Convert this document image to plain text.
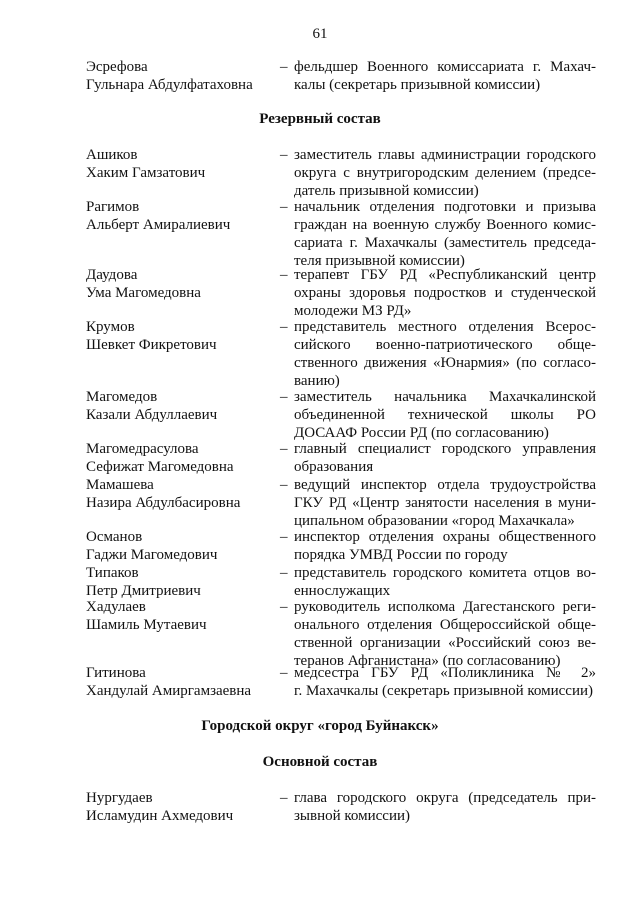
61
Резервный состав
Городской округ «город Буйнакск»
Основной состав
Эсрефова
Гульнара Абдулфатаховна
– фельдшер Военного комиссариата г. Махач-
калы (секретарь призывной комиссии)
Ашиков
Хаким Гамзатович
– заместитель главы администрации городского
округа с внутригородским делением (предсе-
датель призывной комиссии)
Рагимов
Альберт Амиралиевич
– начальник отделения подготовки и призыва
граждан на военную службу Военного комис-
сариата г. Махачкалы (заместитель председа-
теля призывной комиссии)
Даудова
Ума Магомедовна
– терапевт ГБУ РД «Республиканский центр
охраны здоровья подростков и студенческой
молодежи МЗ РД»
Крумов
Шевкет Фикретович
– представитель местного отделения Всерос-
сийского военно-патриотического обще-
ственного движения «Юнармия» (по согласо-
ванию)
Магомедов
Казали Абдуллаевич
– заместитель начальника Махачкалинской
объединенной технической школы РО
ДОСААФ России РД (по согласованию)
Магомедрасулова
Сефижат Магомедовна
– главный специалист городского управления
образования
Мамашева
Назира Абдулбасировна
– ведущий инспектор отдела трудоустройства
ГКУ РД «Центр занятости населения в муни-
ципальном образовании «город Махачкала»
Османов
Гаджи Магомедович
– инспектор отделения охраны общественного
порядка УМВД России по городу
Типаков
Петр Дмитриевич
– представитель городского комитета отцов во-
еннослужащих
Хадулаев
Шамиль Мутаевич
– руководитель исполкома Дагестанского реги-
онального отделения Общероссийской обще-
ственной организации «Российский союз ве-
теранов Афганистана» (по согласованию)
Гитинова
Хандулай Амиргамзаевна
– медсестра ГБУ РД «Поликлиника № 2»
г. Махачкалы (секретарь призывной комиссии)
Нургудаев
Исламудин Ахмедович
– глава городского округа (председатель при-
зывной комиссии)
